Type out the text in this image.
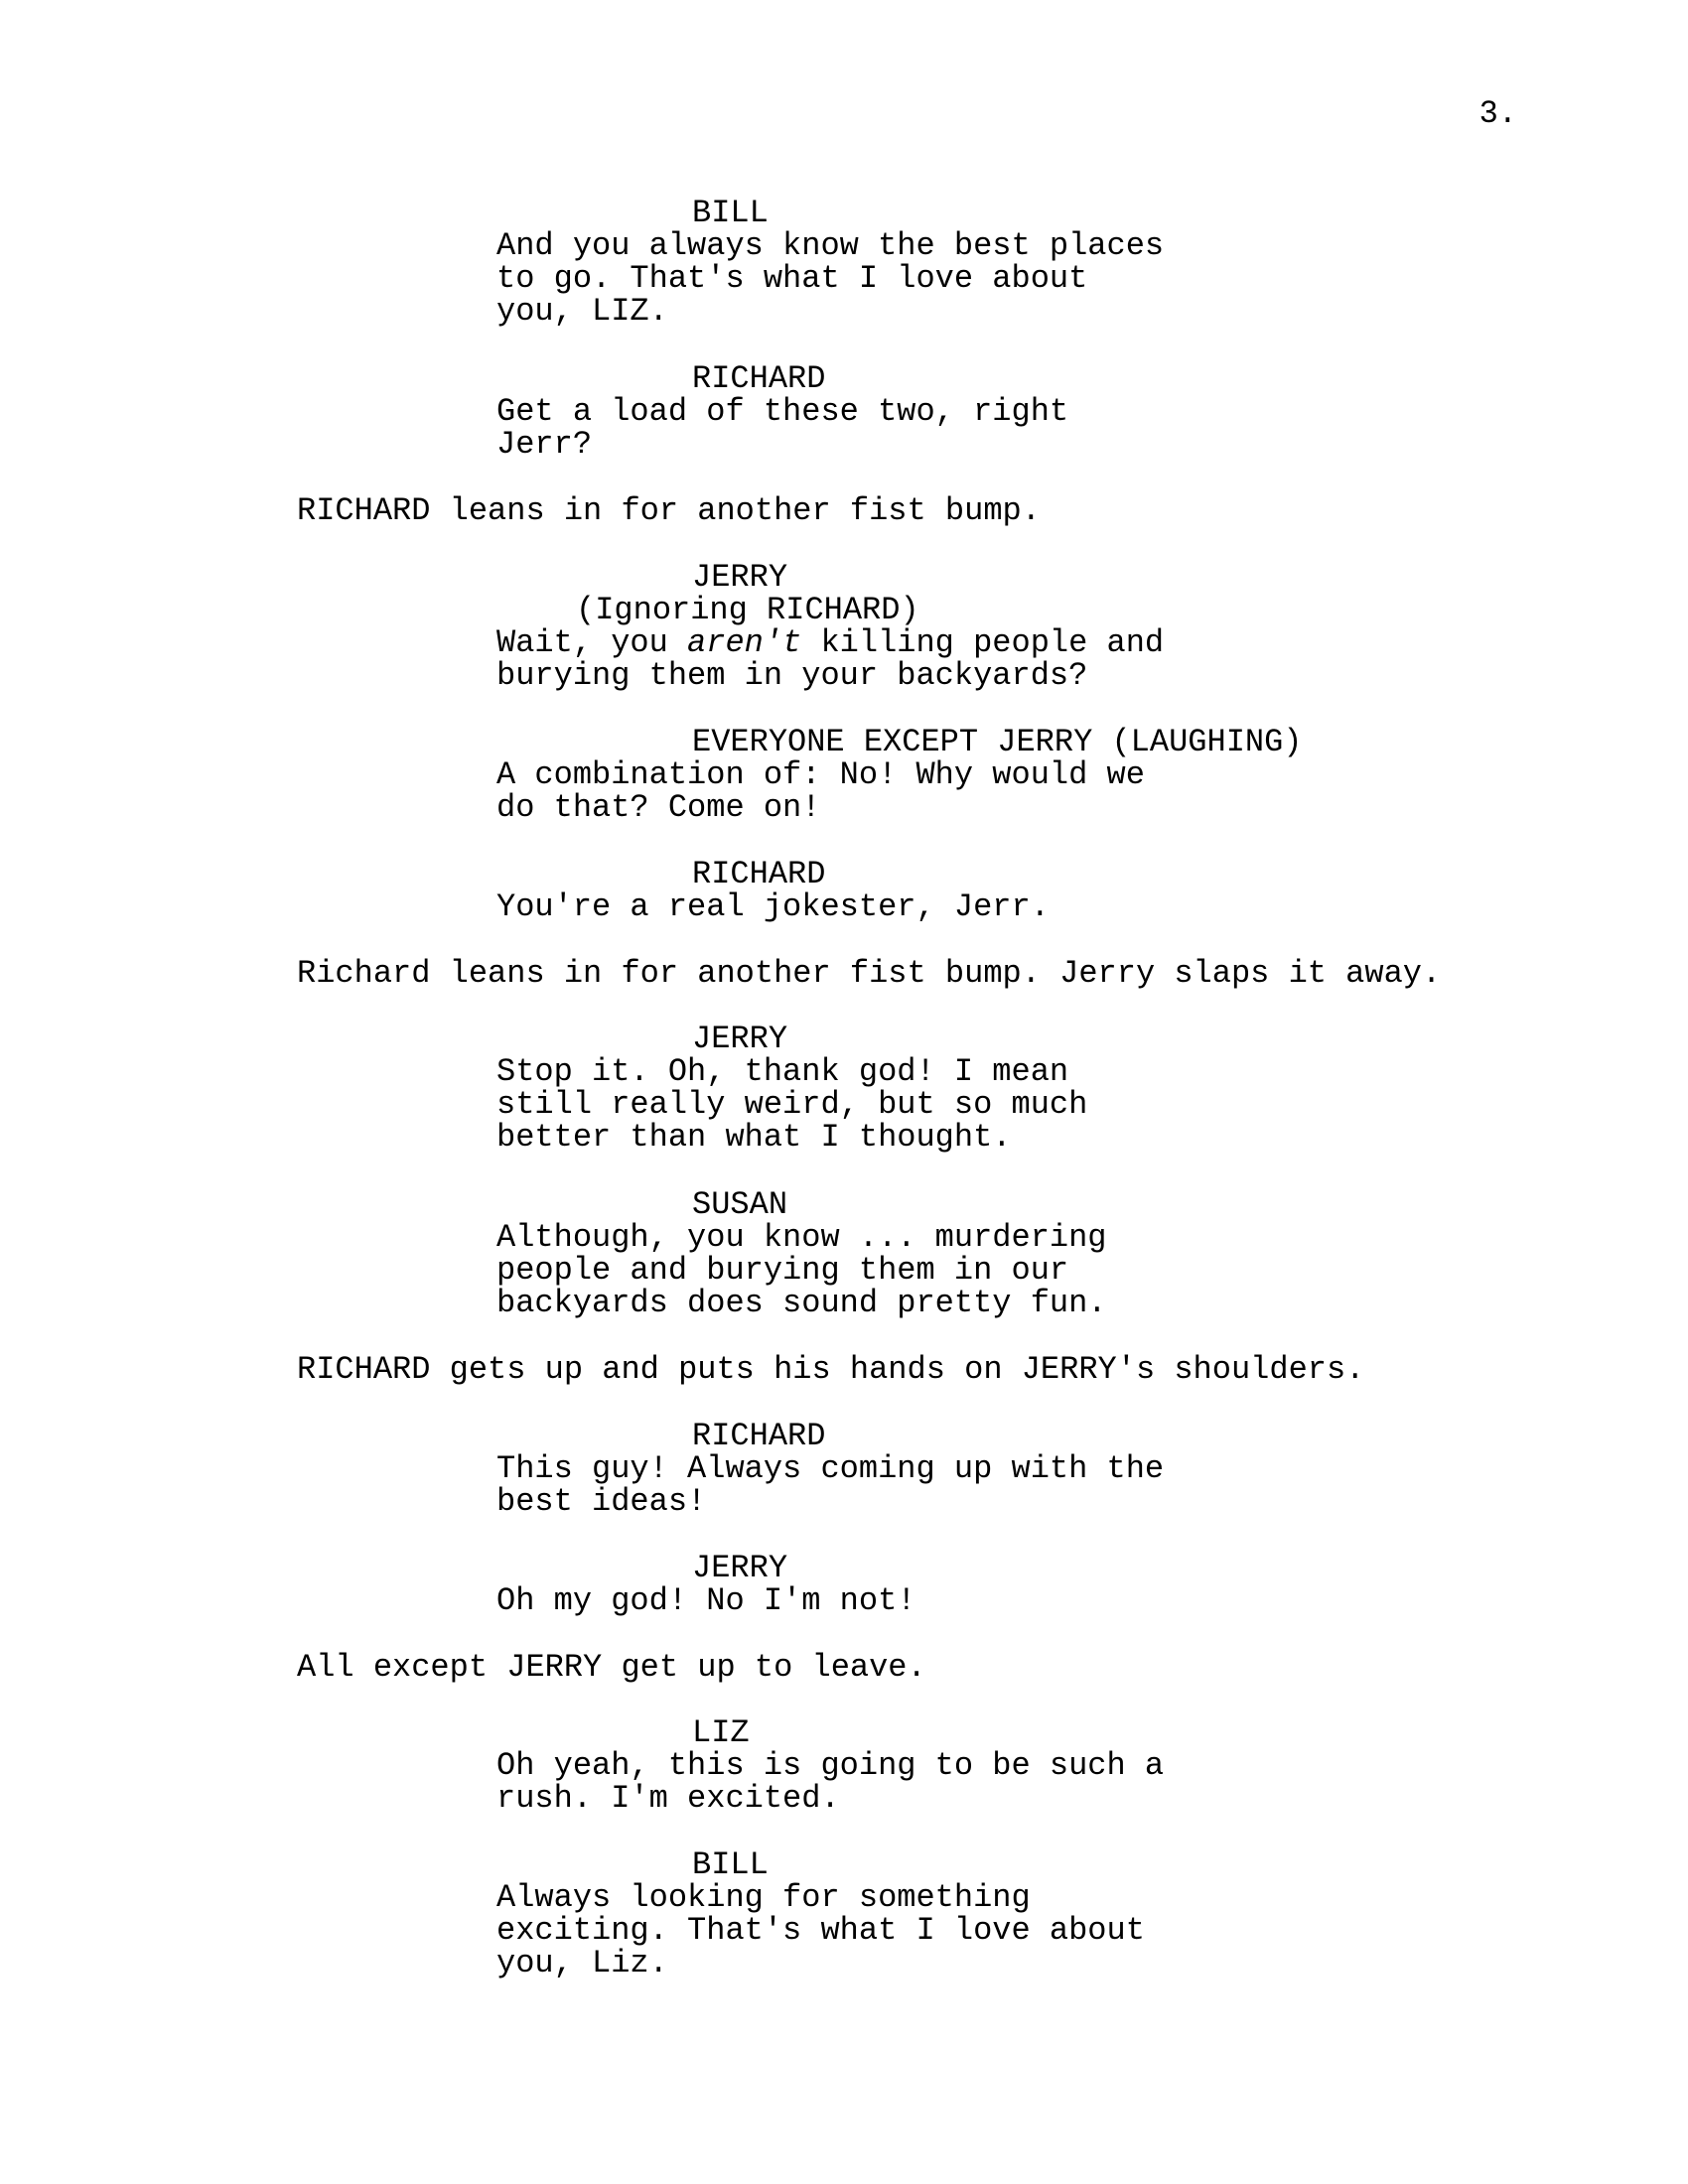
3.
BILL
And you always know the best places
to go. That's what I love about
you, LIZ.
RICHARD
Get a load of these two, right
Jerr?
RICHARD leans in for another fist bump.
JERRY
(Ignoring RICHARD)
Wait, you aren't killing people and
burying them in your backyards?
EVERYONE EXCEPT JERRY (LAUGHING)
A combination of: No! Why would we
do that? Come on!
RICHARD
You're a real jokester, Jerr.
Richard leans in for another fist bump. Jerry slaps it away.
JERRY
Stop it. Oh, thank god! I mean
still really weird, but so much
better than what I thought.
SUSAN
Although, you know ... murdering
people and burying them in our
backyards does sound pretty fun.
RICHARD gets up and puts his hands on JERRY's shoulders.
RICHARD
This guy! Always coming up with the
best ideas!
JERRY
Oh my god! No I'm not!
All except JERRY get up to leave.
LIZ
Oh yeah, this is going to be such a
rush. I'm excited.
BILL
Always looking for something
exciting. That's what I love about
you, Liz.
